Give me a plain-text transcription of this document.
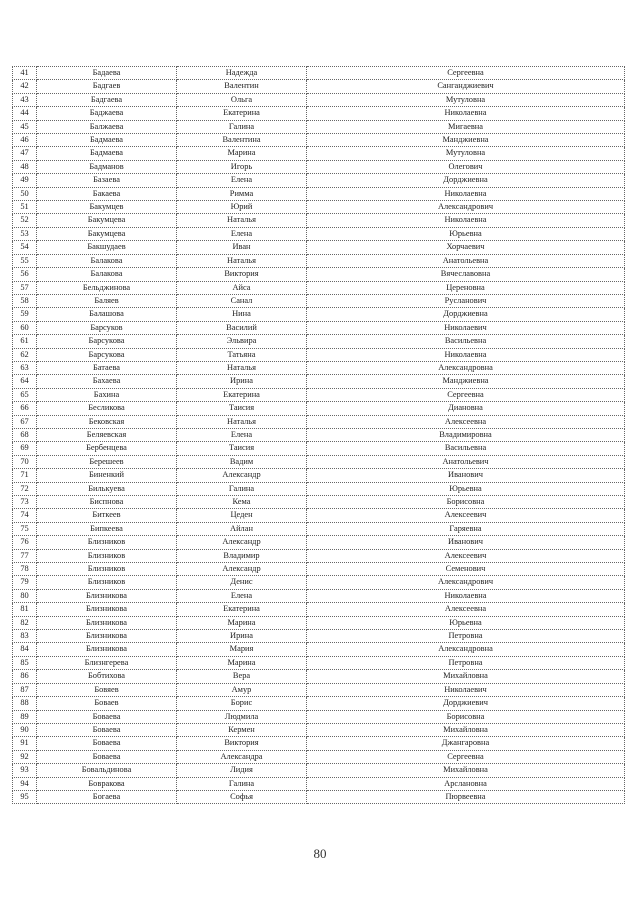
41	Бадаева	Надежда	Сергеевна
42	Бадгаев	Валентин	Санганджиевич
43	Бадгаева	Ольга	Мутуловна
44	Баджаева	Екатерина	Николаевна
45	Балжаева	Галина	Мигаевна
46	Бадмаева	Валентина	Манджиевна
47	Бадмаева	Марина	Мутуловна
48	Бадманов	Игорь	Олегович
49	Базаева	Елена	Дорджиевна
50	Бакаева	Римма	Николаевна
51	Бакумцев	Юрий	Александрович
52	Бакумцева	Наталья	Николаевна
53	Бакумцева	Елена	Юрьевна
54	Бакшудаев	Иван	Хорчаевич
55	Балакова	Наталья	Анатольевна
56	Балакова	Виктория	Вячеславовна
57	Бельджинова	Айса	Цереновна
58	Баляев	Санал	Русланович
59	Балашова	Нина	Дорджиевна
60	Барсуков	Василий	Николаевич
61	Барсукова	Эльвира	Васильевна
62	Барсукова	Татьяна	Николаевна
63	Батаева	Наталья	Александровна
64	Бахаева	Ирина	Манджиевна
65	Бахина	Екатерина	Сергеевна
66	Бесликова	Таисия	Диановна
67	Бековская	Наталья	Алексеевна
68	Беляевская	Елена	Владимировна
69	Бербенцева	Таисия	Васильевна
70	Берешеев	Вадим	Анатольевич
71	Биненкий	Александр	Иванович
72	Билькуева	Галина	Юрьевна
73	Биспнова	Кема	Борисовна
74	Биткеев	Цеден	Алексеевич
75	Бипкеева	Айлан	Гаряевна
76	Близников	Александр	Иванович
77	Близников	Владимир	Алексеевич
78	Близников	Александр	Семенович
79	Близников	Денис	Александрович
80	Близникова	Елена	Николаевна
81	Близникова	Екатерина	Алексеевна
82	Близникова	Марина	Юрьевна
83	Близникова	Ирина	Петровна
84	Близникова	Мария	Александровна
85	Близнгерева	Марина	Петровна
86	Бобтихова	Вера	Михайловна
87	Бовяев	Амур	Николаевич
88	Боваев	Борис	Дорджиевич
89	Боваева	Людмила	Борисовна
90	Боваева	Кермен	Михайловна
91	Боваева	Виктория	Джангаровна
92	Боваева	Александра	Сергеевна
93	Бовальдинова	Лидия	Михайловна
94	Бовракова	Галина	Арслановна
95	Богаева	Софья	Пюрвеевна
80
